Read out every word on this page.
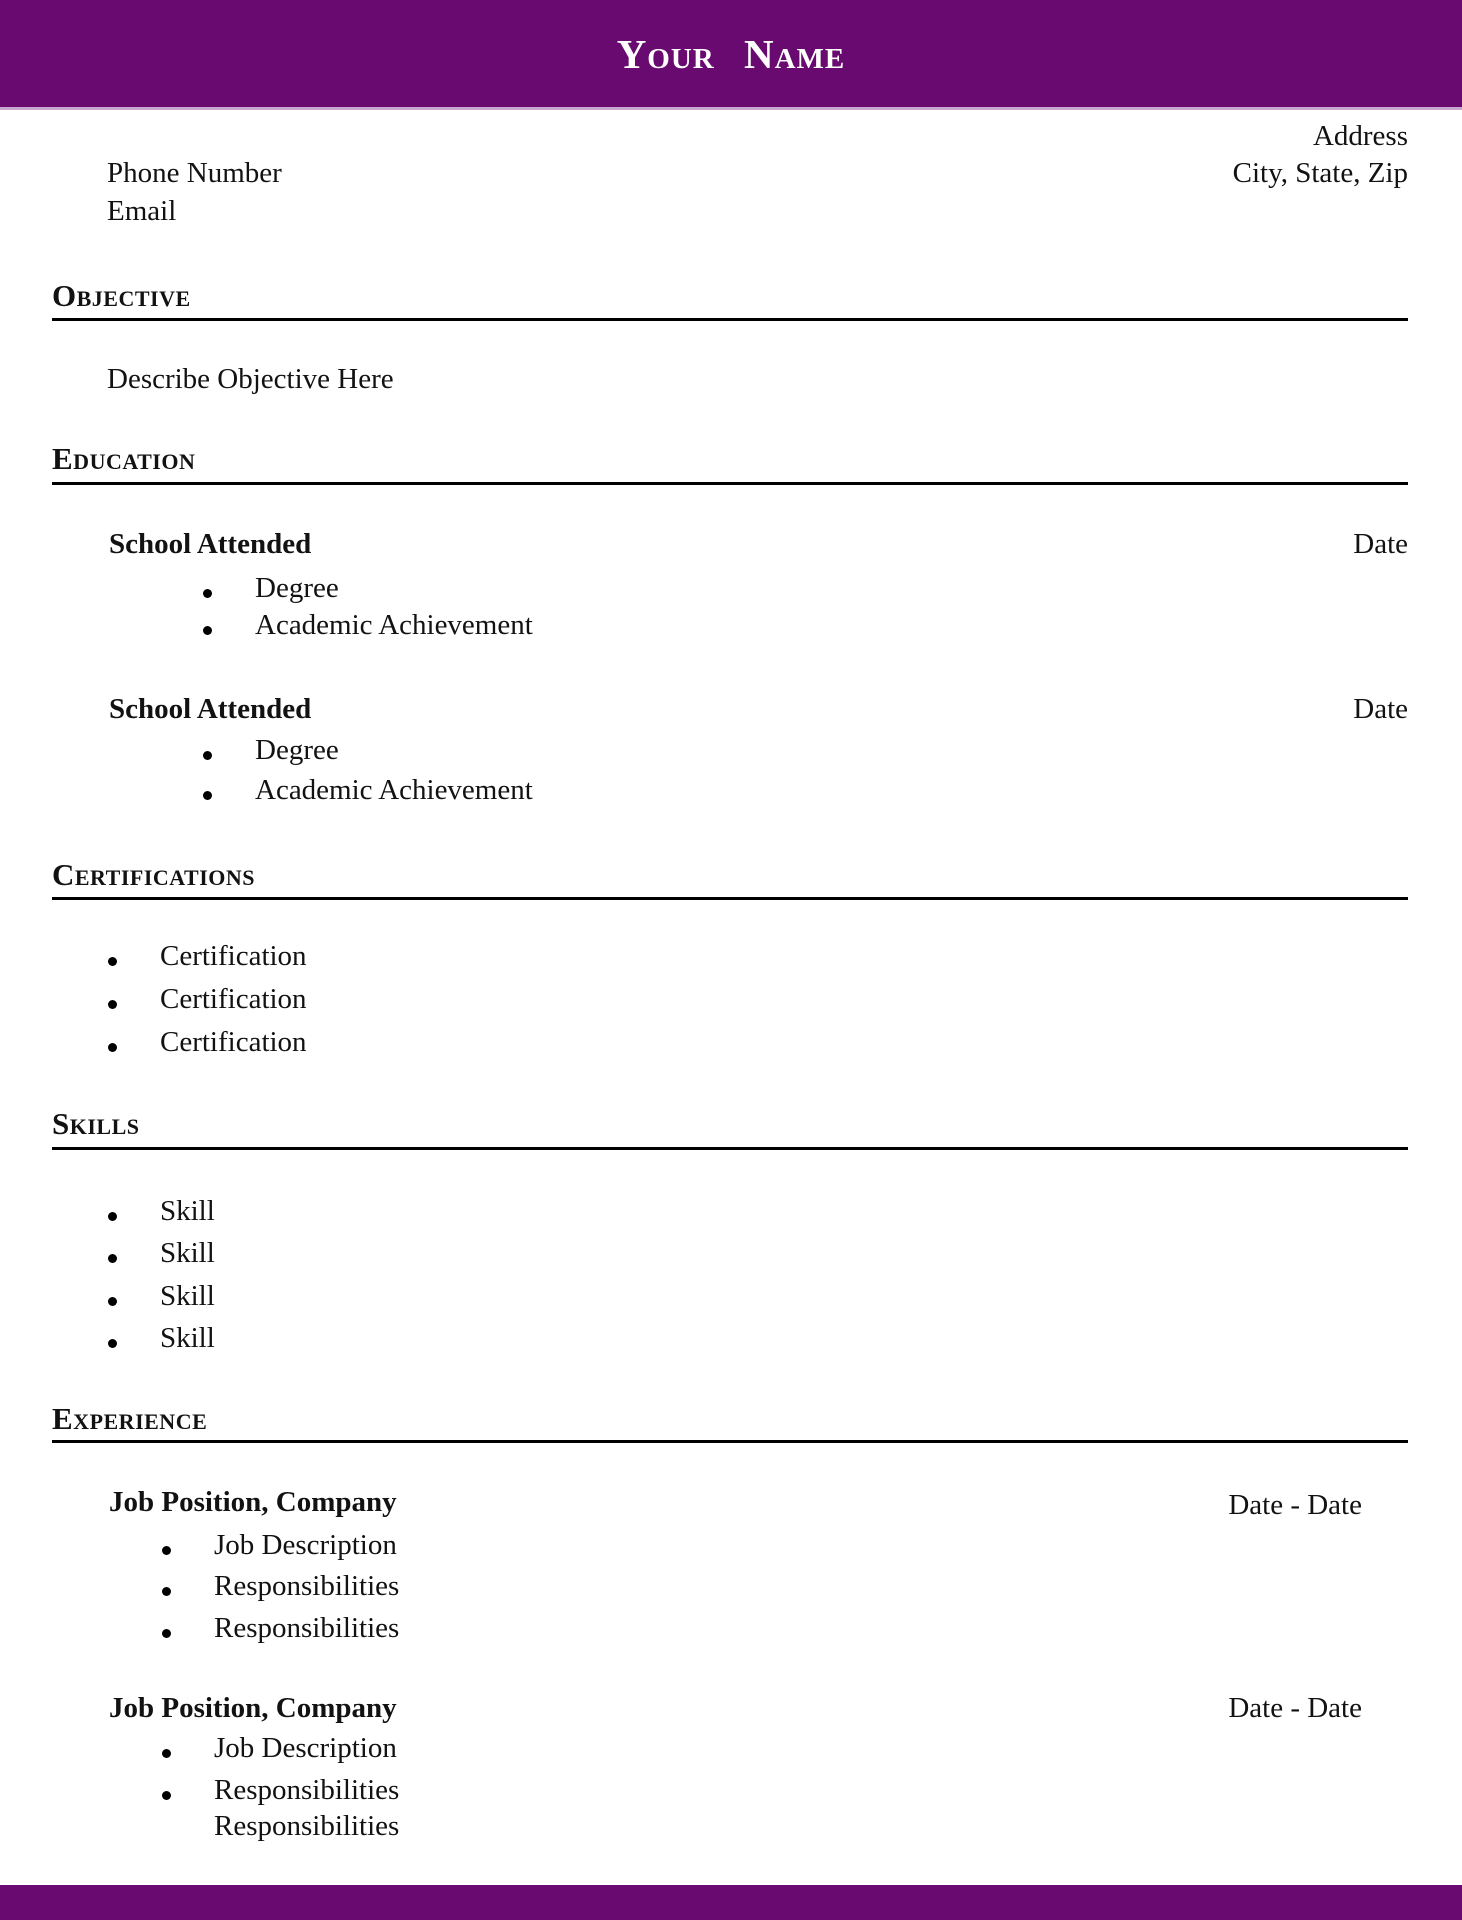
Your Name
Address
Phone Number	City, State, Zip
Email
Objective
Describe Objective Here
Education
School Attended	Date
Degree
Academic Achievement
School Attended	Date
Degree
Academic Achievement
Certifications
Certification
Certification
Certification
Skills
Skill
Skill
Skill
Skill
Experience
Job Position, Company	Date - Date
Job Description
Responsibilities
Responsibilities
Job Position, Company	Date - Date
Job Description
Responsibilities
Responsibilities
